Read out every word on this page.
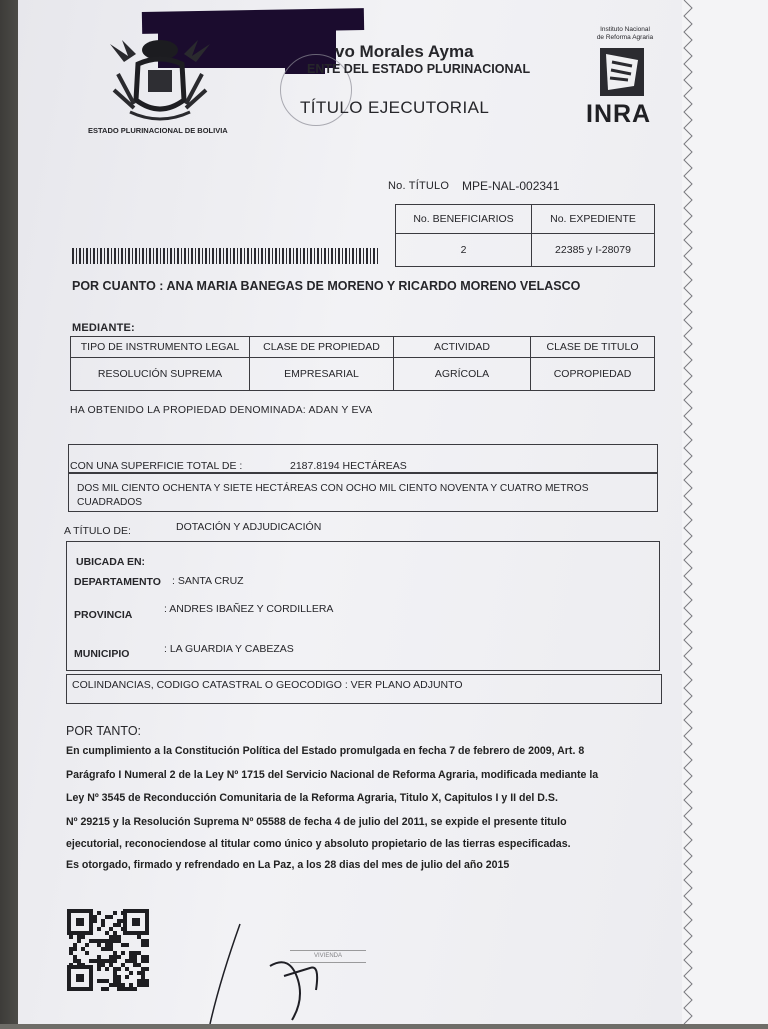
ESTADO PLURINACIONAL DE BOLIVIA
vo Morales Ayma
ENTE DEL ESTADO PLURINACIONAL
TÍTULO EJECUTORIAL
Instituto Nacional
de Reforma Agraria
INRA
No. TÍTULO MPE-NAL-002341
No. BENEFICIARIOS	No. EXPEDIENTE
2	22385 y I-28079
POR CUANTO : ANA MARIA BANEGAS DE MORENO Y RICARDO MORENO VELASCO
MEDIANTE:
TIPO DE INSTRUMENTO LEGAL	CLASE DE PROPIEDAD	ACTIVIDAD	CLASE DE TITULO
RESOLUCIÓN SUPREMA	EMPRESARIAL	AGRÍCOLA	COPROPIEDAD
HA OBTENIDO LA PROPIEDAD DENOMINADA: ADAN Y EVA
CON UNA SUPERFICIE TOTAL DE :	2187.8194 HECTÁREAS
DOS MIL CIENTO OCHENTA Y SIETE HECTÁREAS CON OCHO MIL CIENTO NOVENTA Y CUATRO METROS
CUADRADOS
A TÍTULO DE:	DOTACIÓN Y ADJUDICACIÓN
UBICADA EN:
DEPARTAMENTO : SANTA CRUZ
PROVINCIA	: ANDRES IBAÑEZ Y CORDILLERA
MUNICIPIO	: LA GUARDIA Y CABEZAS
COLINDANCIAS, CODIGO CATASTRAL O GEOCODIGO : VER PLANO ADJUNTO
POR TANTO:
En cumplimiento a la Constitución Política del Estado promulgada en fecha 7 de febrero de 2009, Art. 8
Parágrafo I Numeral 2 de la Ley Nº 1715 del Servicio Nacional de Reforma Agraria, modificada mediante la
Ley Nº 3545 de Reconducción Comunitaria de la Reforma Agraria, Titulo X, Capitulos I y II del D.S.
Nº 29215 y la Resolución Suprema Nº 05588 de fecha 4 de julio del 2011, se expide el presente titulo
ejecutorial, reconociendose al titular como único y absoluto propietario de las tierras especificadas.
Es otorgado, firmado y refrendado en La Paz, a los 28 dias del mes de julio del año 2015
VIVIENDA
